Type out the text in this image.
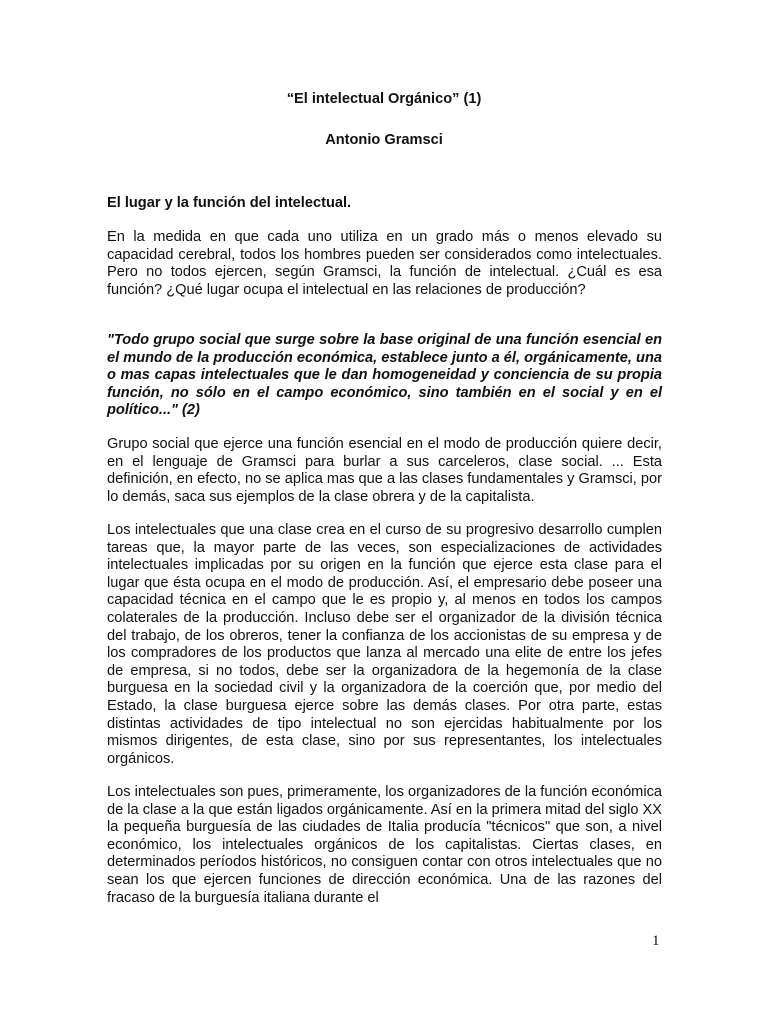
“El intelectual Orgánico” (1)

Antonio Gramsci

El lugar y la función del intelectual.

En la medida en que cada uno utiliza en un grado más o menos elevado su capacidad cerebral, todos los hombres pueden ser considerados como intelectuales. Pero no todos ejercen, según Gramsci, la función de intelectual. ¿Cuál es esa función? ¿Qué lugar ocupa el intelectual en las relaciones de producción?

"Todo grupo social que surge sobre la base original de una función esencial en el mundo de la producción económica, establece junto a él, orgánicamente, una o mas capas intelectuales que le dan homogeneidad y conciencia de su propia función, no sólo en el campo económico, sino también en el social y en el político..." (2)

Grupo social que ejerce una función esencial en el modo de producción quiere decir, en el lenguaje de Gramsci para burlar a sus carceleros, clase social. ... Esta definición, en efecto, no se aplica mas que a las clases fundamentales y Gramsci, por lo demás, saca sus ejemplos de la clase obrera y de la capitalista.

Los intelectuales que una clase crea en el curso de su progresivo desarrollo cumplen tareas que, la mayor parte de las veces, son especializaciones de actividades intelectuales implicadas por su origen en la función que ejerce esta clase para el lugar que ésta ocupa en el modo de producción. Así, el empresario debe poseer una capacidad técnica en el campo que le es propio y, al menos en todos los campos colaterales de la producción. Incluso debe ser el organizador de la división técnica del trabajo, de los obreros, tener la confianza de los accionistas de su empresa y de los compradores de los productos que lanza al mercado una elite de entre los jefes de empresa, si no todos, debe ser la organizadora de la hegemonía de la clase burguesa en la sociedad civil y la organizadora de la coerción que, por medio del Estado, la clase burguesa ejerce sobre las demás clases. Por otra parte, estas distintas actividades de tipo intelectual no son ejercidas habitualmente por los mismos dirigentes, de esta clase, sino por sus representantes, los intelectuales orgánicos.

Los intelectuales son pues, primeramente, los organizadores de la función económica de la clase a la que están ligados orgánicamente. Así en la primera mitad del siglo XX la pequeña burguesía de las ciudades de Italia producía "técnicos" que son, a nivel económico, los intelectuales orgánicos de los capitalistas. Ciertas clases, en determinados períodos históricos, no consiguen contar con otros intelectuales que no sean los que ejercen funciones de dirección económica. Una de las razones del fracaso de la burguesía italiana durante el

1
